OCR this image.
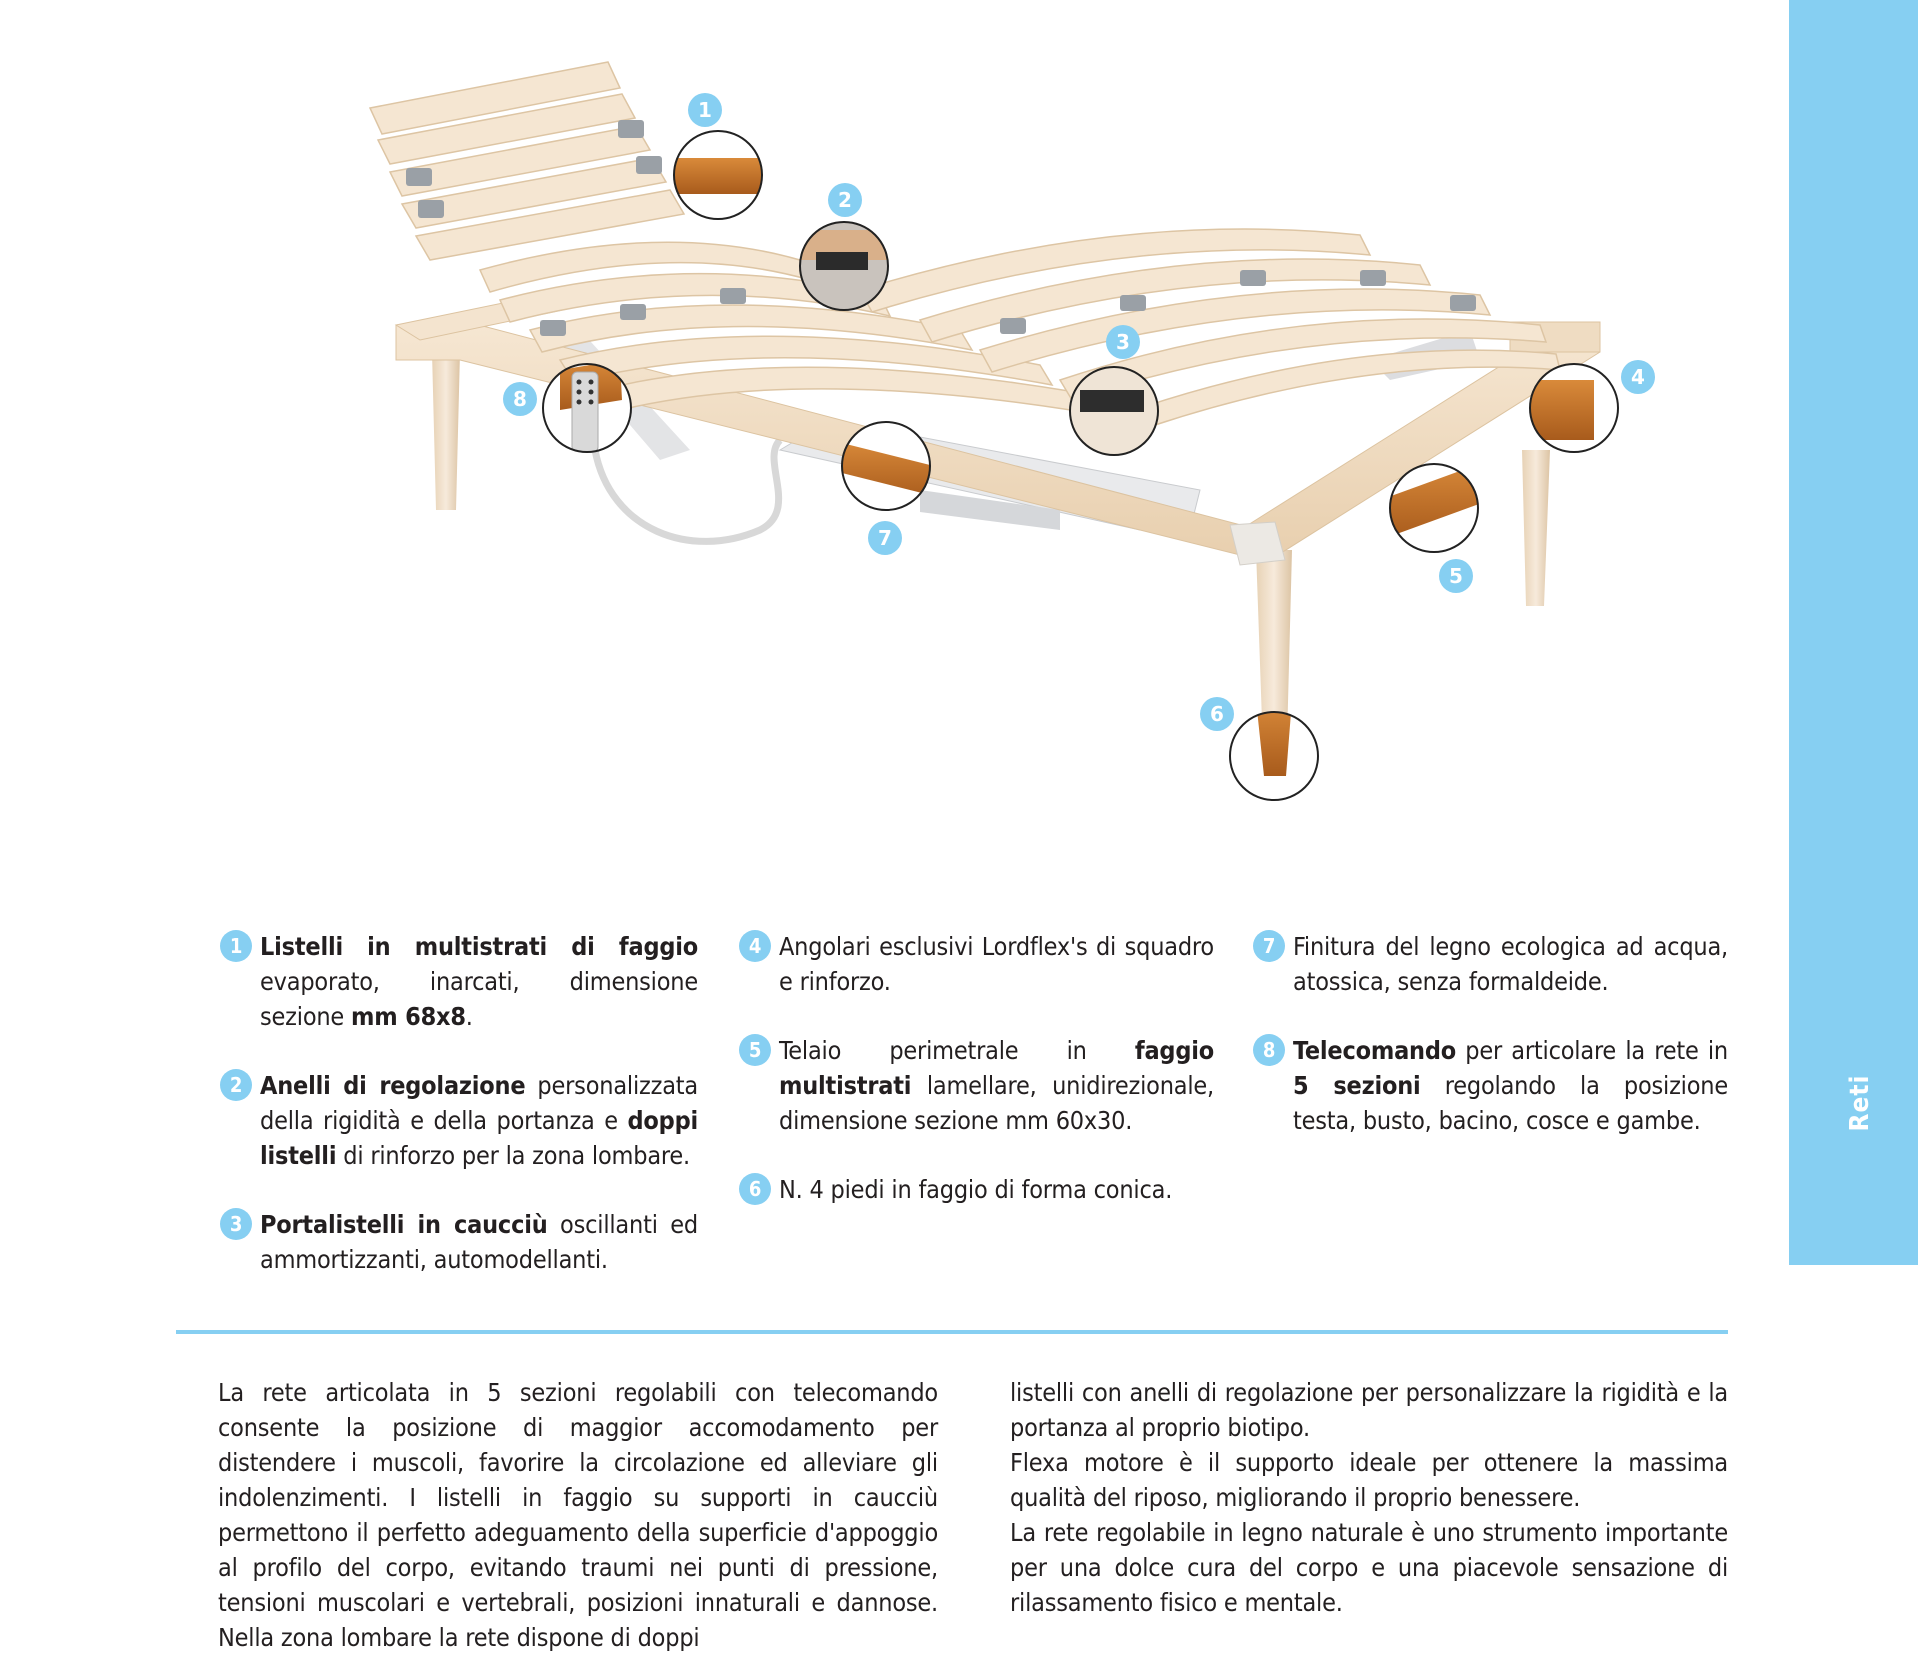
Reti
1
2
3
4
5
6
7
8
1 Listelli in multistrati di faggio evaporato, inarcati, dimensione sezione mm 68x8.
2 Anelli di regolazione personalizzata della rigidità e della portanza e doppi listelli di rinforzo per la zona lombare.
3 Portalistelli in caucciù oscillanti ed ammortizzanti, automodellanti.
4 Angolari esclusivi Lordflex's di squadro e rinforzo.
5 Telaio perimetrale in faggio multistrati lamellare, unidirezionale, dimensione sezione mm 60x30.
6 N. 4 piedi in faggio di forma conica.
7 Finitura del legno ecologica ad acqua, atossica, senza formaldeide.
8 Telecomando per articolare la rete in 5 sezioni regolando la posizione testa, busto, bacino, cosce e gambe.

La rete articolata in 5 sezioni regolabili con telecomando consente la posizione di maggior accomodamento per distendere i muscoli, favorire la circolazione ed alleviare gli indolenzimenti. I listelli in faggio su supporti in caucciù permettono il perfetto adeguamento della superficie d'appoggio al profilo del corpo, evitando traumi nei punti di pressione, tensioni muscolari e vertebrali, posizioni innaturali e dannose. Nella zona lombare la rete dispone di doppi

listelli con anelli di regolazione per personalizzare la rigidità e la portanza al proprio biotipo.

Flexa motore è il supporto ideale per ottenere la massima qualità del riposo, migliorando il proprio benessere.

La rete regolabile in legno naturale è uno strumento importante per una dolce cura del corpo e una piacevole sensazione di rilassamento fisico e mentale.
